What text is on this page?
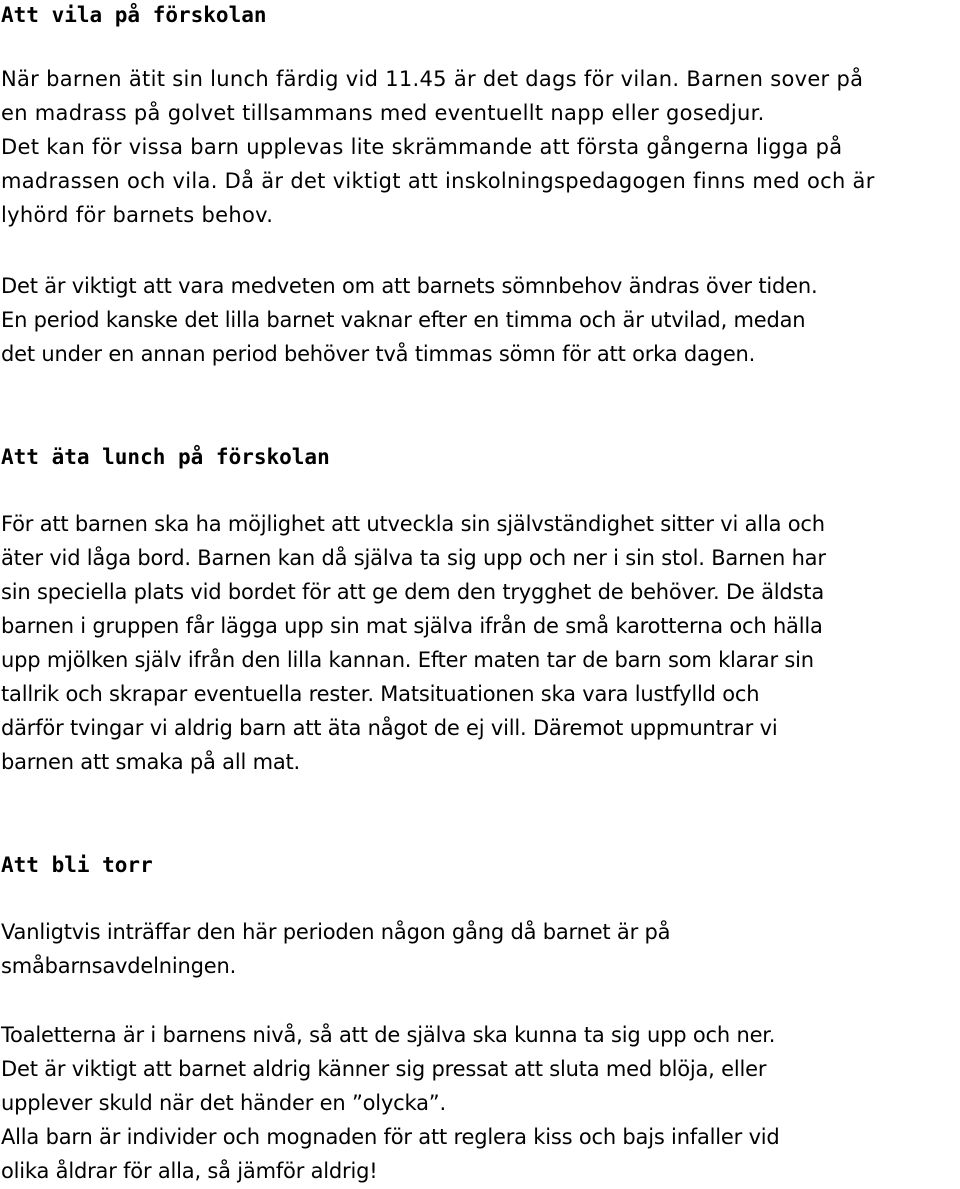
Att vila på förskolan

När barnen ätit sin lunch färdig vid 11.45 är det dags för vilan. Barnen sover på
en madrass på golvet tillsammans med eventuellt napp eller gosedjur.
Det kan för vissa barn upplevas lite skrämmande att första gångerna ligga på
madrassen och vila. Då är det viktigt att inskolningspedagogen finns med och är
lyhörd för barnets behov.

Det är viktigt att vara medveten om att barnets sömnbehov ändras över tiden.
En period kanske det lilla barnet vaknar efter en timma och är utvilad, medan
det under en annan period behöver två timmas sömn för att orka dagen.

Att äta lunch på förskolan

För att barnen ska ha möjlighet att utveckla sin självständighet sitter vi alla och
äter vid låga bord. Barnen kan då själva ta sig upp och ner i sin stol. Barnen har
sin speciella plats vid bordet för att ge dem den trygghet de behöver. De äldsta
barnen i gruppen får lägga upp sin mat själva ifrån de små karotterna och hälla
upp mjölken själv ifrån den lilla kannan. Efter maten tar de barn som klarar sin
tallrik och skrapar eventuella rester. Matsituationen ska vara lustfylld och
därför tvingar vi aldrig barn att äta något de ej vill. Däremot uppmuntrar vi
barnen att smaka på all mat.

Att bli torr

Vanligtvis inträffar den här perioden någon gång då barnet är på
småbarnsavdelningen.

Toaletterna är i barnens nivå, så att de själva ska kunna ta sig upp och ner.
Det är viktigt att barnet aldrig känner sig pressat att sluta med blöja, eller
upplever skuld när det händer en ”olycka”.
Alla barn är individer och mognaden för att reglera kiss och bajs infaller vid
olika åldrar för alla, så jämför aldrig!
